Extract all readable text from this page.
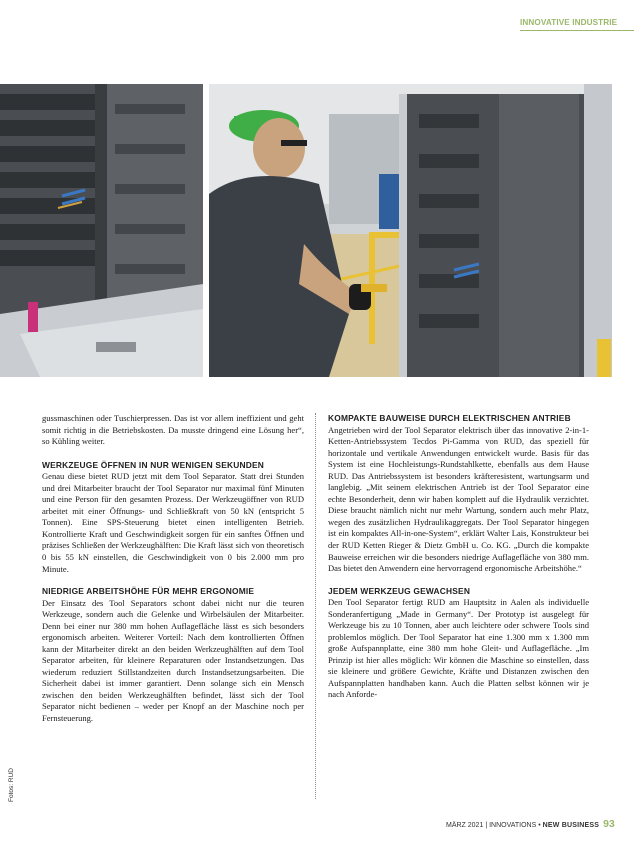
INNOVATIVE INDUSTRIE
Fotos: RUD

gussmaschinen oder Tuschierpressen. Das ist vor allem ineffizient und geht somit richtig in die Betriebskosten. Da musste dringend eine Lösung her“, so Kühling weiter.

WERKZEUGE ÖFFNEN IN NUR WENIGEN SEKUNDEN

Genau diese bietet RUD jetzt mit dem Tool Separator. Statt drei Stunden und drei Mitarbeiter braucht der Tool Separator nur maximal fünf Minuten und eine Person für den gesamten Prozess. Der Werkzeugöffner von RUD arbeitet mit einer Öffnungs- und Schließkraft von 50 kN (entspricht 5 Tonnen). Eine SPS-Steuerung bietet einen intelligenten Betrieb. Kontrollierte Kraft und Geschwindigkeit sorgen für ein sanftes Öffnen und präzises Schließen der Werkzeughälften: Die Kraft lässt sich von theoretisch 0 bis 55 kN einstellen, die Geschwindigkeit von 0 bis 2.000 mm pro Minute.

NIEDRIGE ARBEITSHÖHE FÜR MEHR ERGONOMIE

Der Einsatz des Tool Separators schont dabei nicht nur die teuren Werkzeuge, sondern auch die Gelenke und Wirbelsäulen der Mitarbeiter. Denn bei einer nur 380 mm hohen Auflagefläche lässt es sich besonders ergonomisch arbeiten. Weiterer Vorteil: Nach dem kontrollierten Öffnen kann der Mitarbeiter direkt an den beiden Werkzeughälften auf dem Tool Separator arbeiten, für kleinere Reparaturen oder Instandsetzungen. Das wiederum reduziert Stillstandzeiten durch Instandsetzungsarbeiten. Die Sicherheit dabei ist immer garantiert. Denn solange sich ein Mensch zwischen den beiden Werkzeughälften befindet, lässt sich der Tool Separator nicht bedienen – weder per Knopf an der Maschine noch per Fernsteuerung.

KOMPAKTE BAUWEISE DURCH ELEKTRISCHEN ANTRIEB

Angetrieben wird der Tool Separator elektrisch über das innovative 2-in-1-Ketten-Antriebssystem Tecdos Pi-Gamma von RUD, das speziell für horizontale und vertikale Anwendungen entwickelt wurde. Basis für das System ist eine Hochleistungs-Rundstahlkette, ebenfalls aus dem Hause RUD. Das Antriebssystem ist besonders kräfteresistent, wartungsarm und langlebig. „Mit seinem elektrischen Antrieb ist der Tool Separator eine echte Besonderheit, denn wir haben komplett auf die Hydraulik verzichtet. Diese braucht nämlich nicht nur mehr Wartung, sondern auch mehr Platz, wegen des zusätzlichen Hydraulikaggregats. Der Tool Separator hingegen ist ein kompaktes All-in-one-System“, erklärt Walter Lais, Konstrukteur bei der RUD Ketten Rieger & Dietz GmbH u. Co. KG. „Durch die kompakte Bauweise erreichen wir die besonders niedrige Auflagefläche von 380 mm. Das bietet den Anwendern eine hervorragend ergonomische Arbeitshöhe.“

JEDEM WERKZEUG GEWACHSEN

Den Tool Separator fertigt RUD am Hauptsitz in Aalen als individuelle Sonderanfertigung „Made in Germany“. Der Prototyp ist ausgelegt für Werkzeuge bis zu 10 Tonnen, aber auch leichtere oder schwere Tools sind problemlos möglich. Der Tool Separator hat eine 1.300 mm x 1.300 mm große Aufspannplatte, eine 380 mm hohe Gleit- und Auflagefläche. „Im Prinzip ist hier alles möglich: Wir können die Maschine so einstellen, dass sie kleinere und größere Gewichte, Kräfte und Distanzen zwischen den Aufspannplatten handhaben kann. Auch die Platten selbst können wir je nach Anforde-

MÄRZ 2021 | INNOVATIONS • NEW BUSINESS 93
